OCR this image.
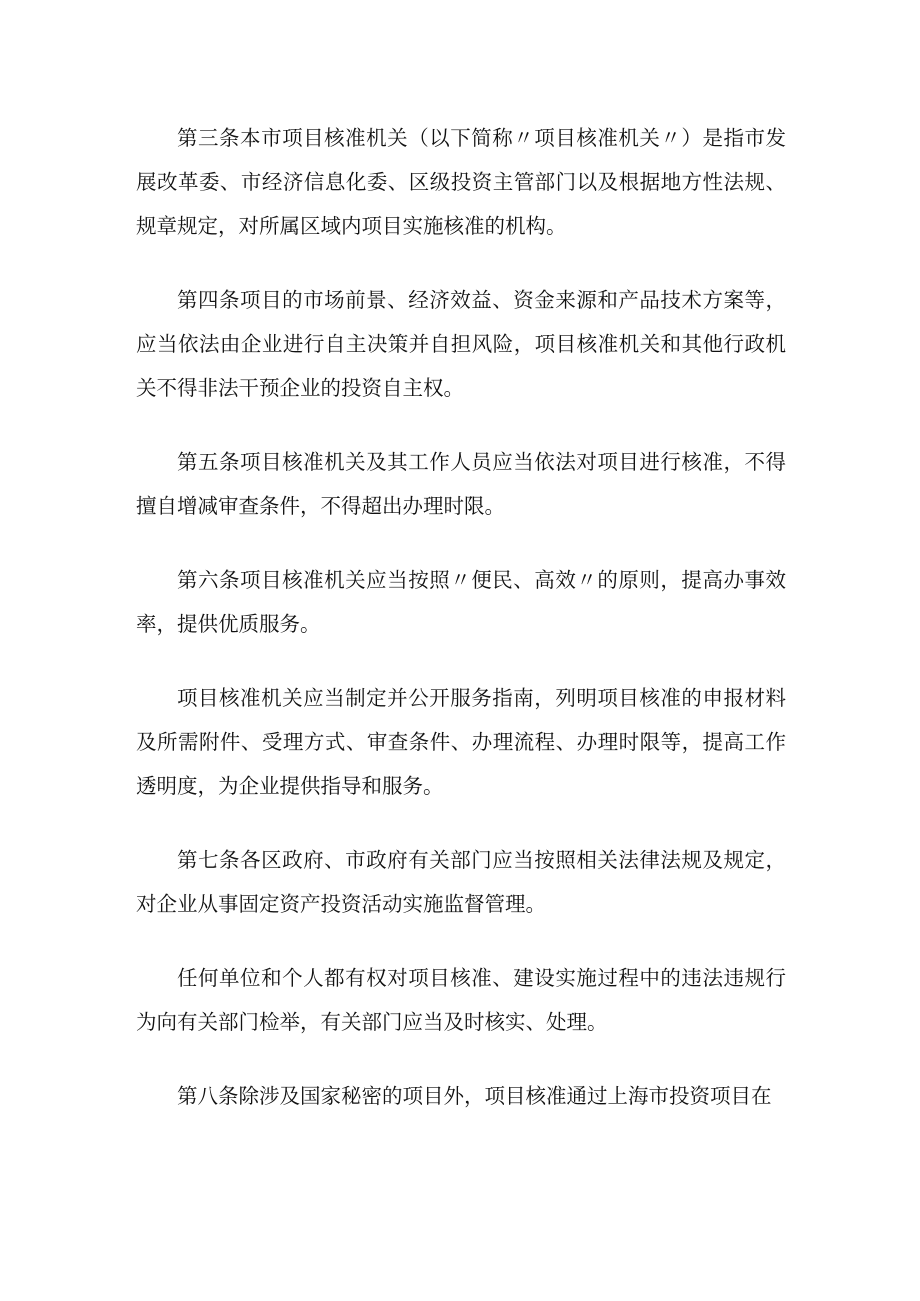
第三条本市项目核准机关（以下简称〃项目核准机关〃）是指市发展改革委、市经济信息化委、区级投资主管部门以及根据地方性法规、规章规定，对所属区域内项目实施核准的机构。

第四条项目的市场前景、经济效益、资金来源和产品技术方案等，应当依法由企业进行自主决策并自担风险，项目核准机关和其他行政机关不得非法干预企业的投资自主权。

第五条项目核准机关及其工作人员应当依法对项目进行核准，不得擅自增减审查条件，不得超出办理时限。

第六条项目核准机关应当按照〃便民、高效〃的原则，提高办事效率，提供优质服务。

项目核准机关应当制定并公开服务指南，列明项目核准的申报材料及所需附件、受理方式、审查条件、办理流程、办理时限等，提高工作透明度，为企业提供指导和服务。

第七条各区政府、市政府有关部门应当按照相关法律法规及规定，对企业从事固定资产投资活动实施监督管理。

任何单位和个人都有权对项目核准、建设实施过程中的违法违规行为向有关部门检举，有关部门应当及时核实、处理。

第八条除涉及国家秘密的项目外，项目核准通过上海市投资项目在
